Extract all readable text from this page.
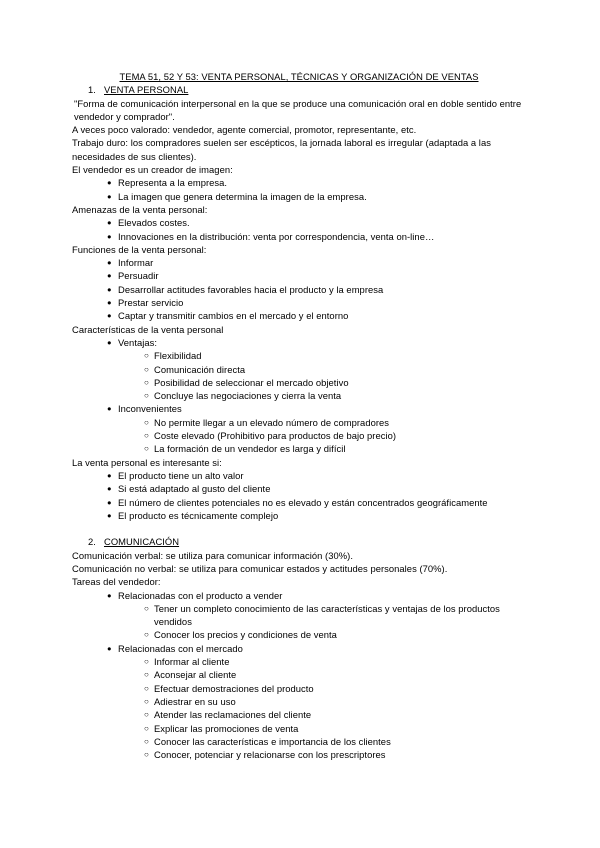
TEMA 51, 52 Y 53: VENTA PERSONAL, TÉCNICAS Y ORGANIZACIÓN DE VENTAS
1. VENTA PERSONAL
"Forma de comunicación interpersonal en la que se produce una comunicación oral en doble sentido entre vendedor y comprador".
A veces poco valorado: vendedor, agente comercial, promotor, representante, etc.
Trabajo duro: los compradores suelen ser escépticos, la jornada laboral es irregular (adaptada a las necesidades de sus clientes).
El vendedor es un creador de imagen:
● Representa a la empresa.
● La imagen que genera determina la imagen de la empresa.
Amenazas de la venta personal:
● Elevados costes.
● Innovaciones en la distribución: venta por correspondencia, venta on-line…
Funciones de la venta personal:
● Informar
● Persuadir
● Desarrollar actitudes favorables hacia el producto y la empresa
● Prestar servicio
● Captar y transmitir cambios en el mercado y el entorno
Características de la venta personal
● Ventajas:
○ Flexibilidad
○ Comunicación directa
○ Posibilidad de seleccionar el mercado objetivo
○ Concluye las negociaciones y cierra la venta
● Inconvenientes
○ No permite llegar a un elevado número de compradores
○ Coste elevado (Prohibitivo para productos de bajo precio)
○ La formación de un vendedor es larga y difícil
La venta personal es interesante si:
● El producto tiene un alto valor
● Si está adaptado al gusto del cliente
● El número de clientes potenciales no es elevado y están concentrados geográficamente
● El producto es técnicamente complejo
2. COMUNICACIÓN
Comunicación verbal: se utiliza para comunicar información (30%).
Comunicación no verbal: se utiliza para comunicar estados y actitudes personales (70%).
Tareas del vendedor:
● Relacionadas con el producto a vender
○ Tener un completo conocimiento de las características y ventajas de los productos vendidos
○ Conocer los precios y condiciones de venta
● Relacionadas con el mercado
○ Informar al cliente
○ Aconsejar al cliente
○ Efectuar demostraciones del producto
○ Adiestrar en su uso
○ Atender las reclamaciones del cliente
○ Explicar las promociones de venta
○ Conocer las características e importancia de los clientes
○ Conocer, potenciar y relacionarse con los prescriptores
